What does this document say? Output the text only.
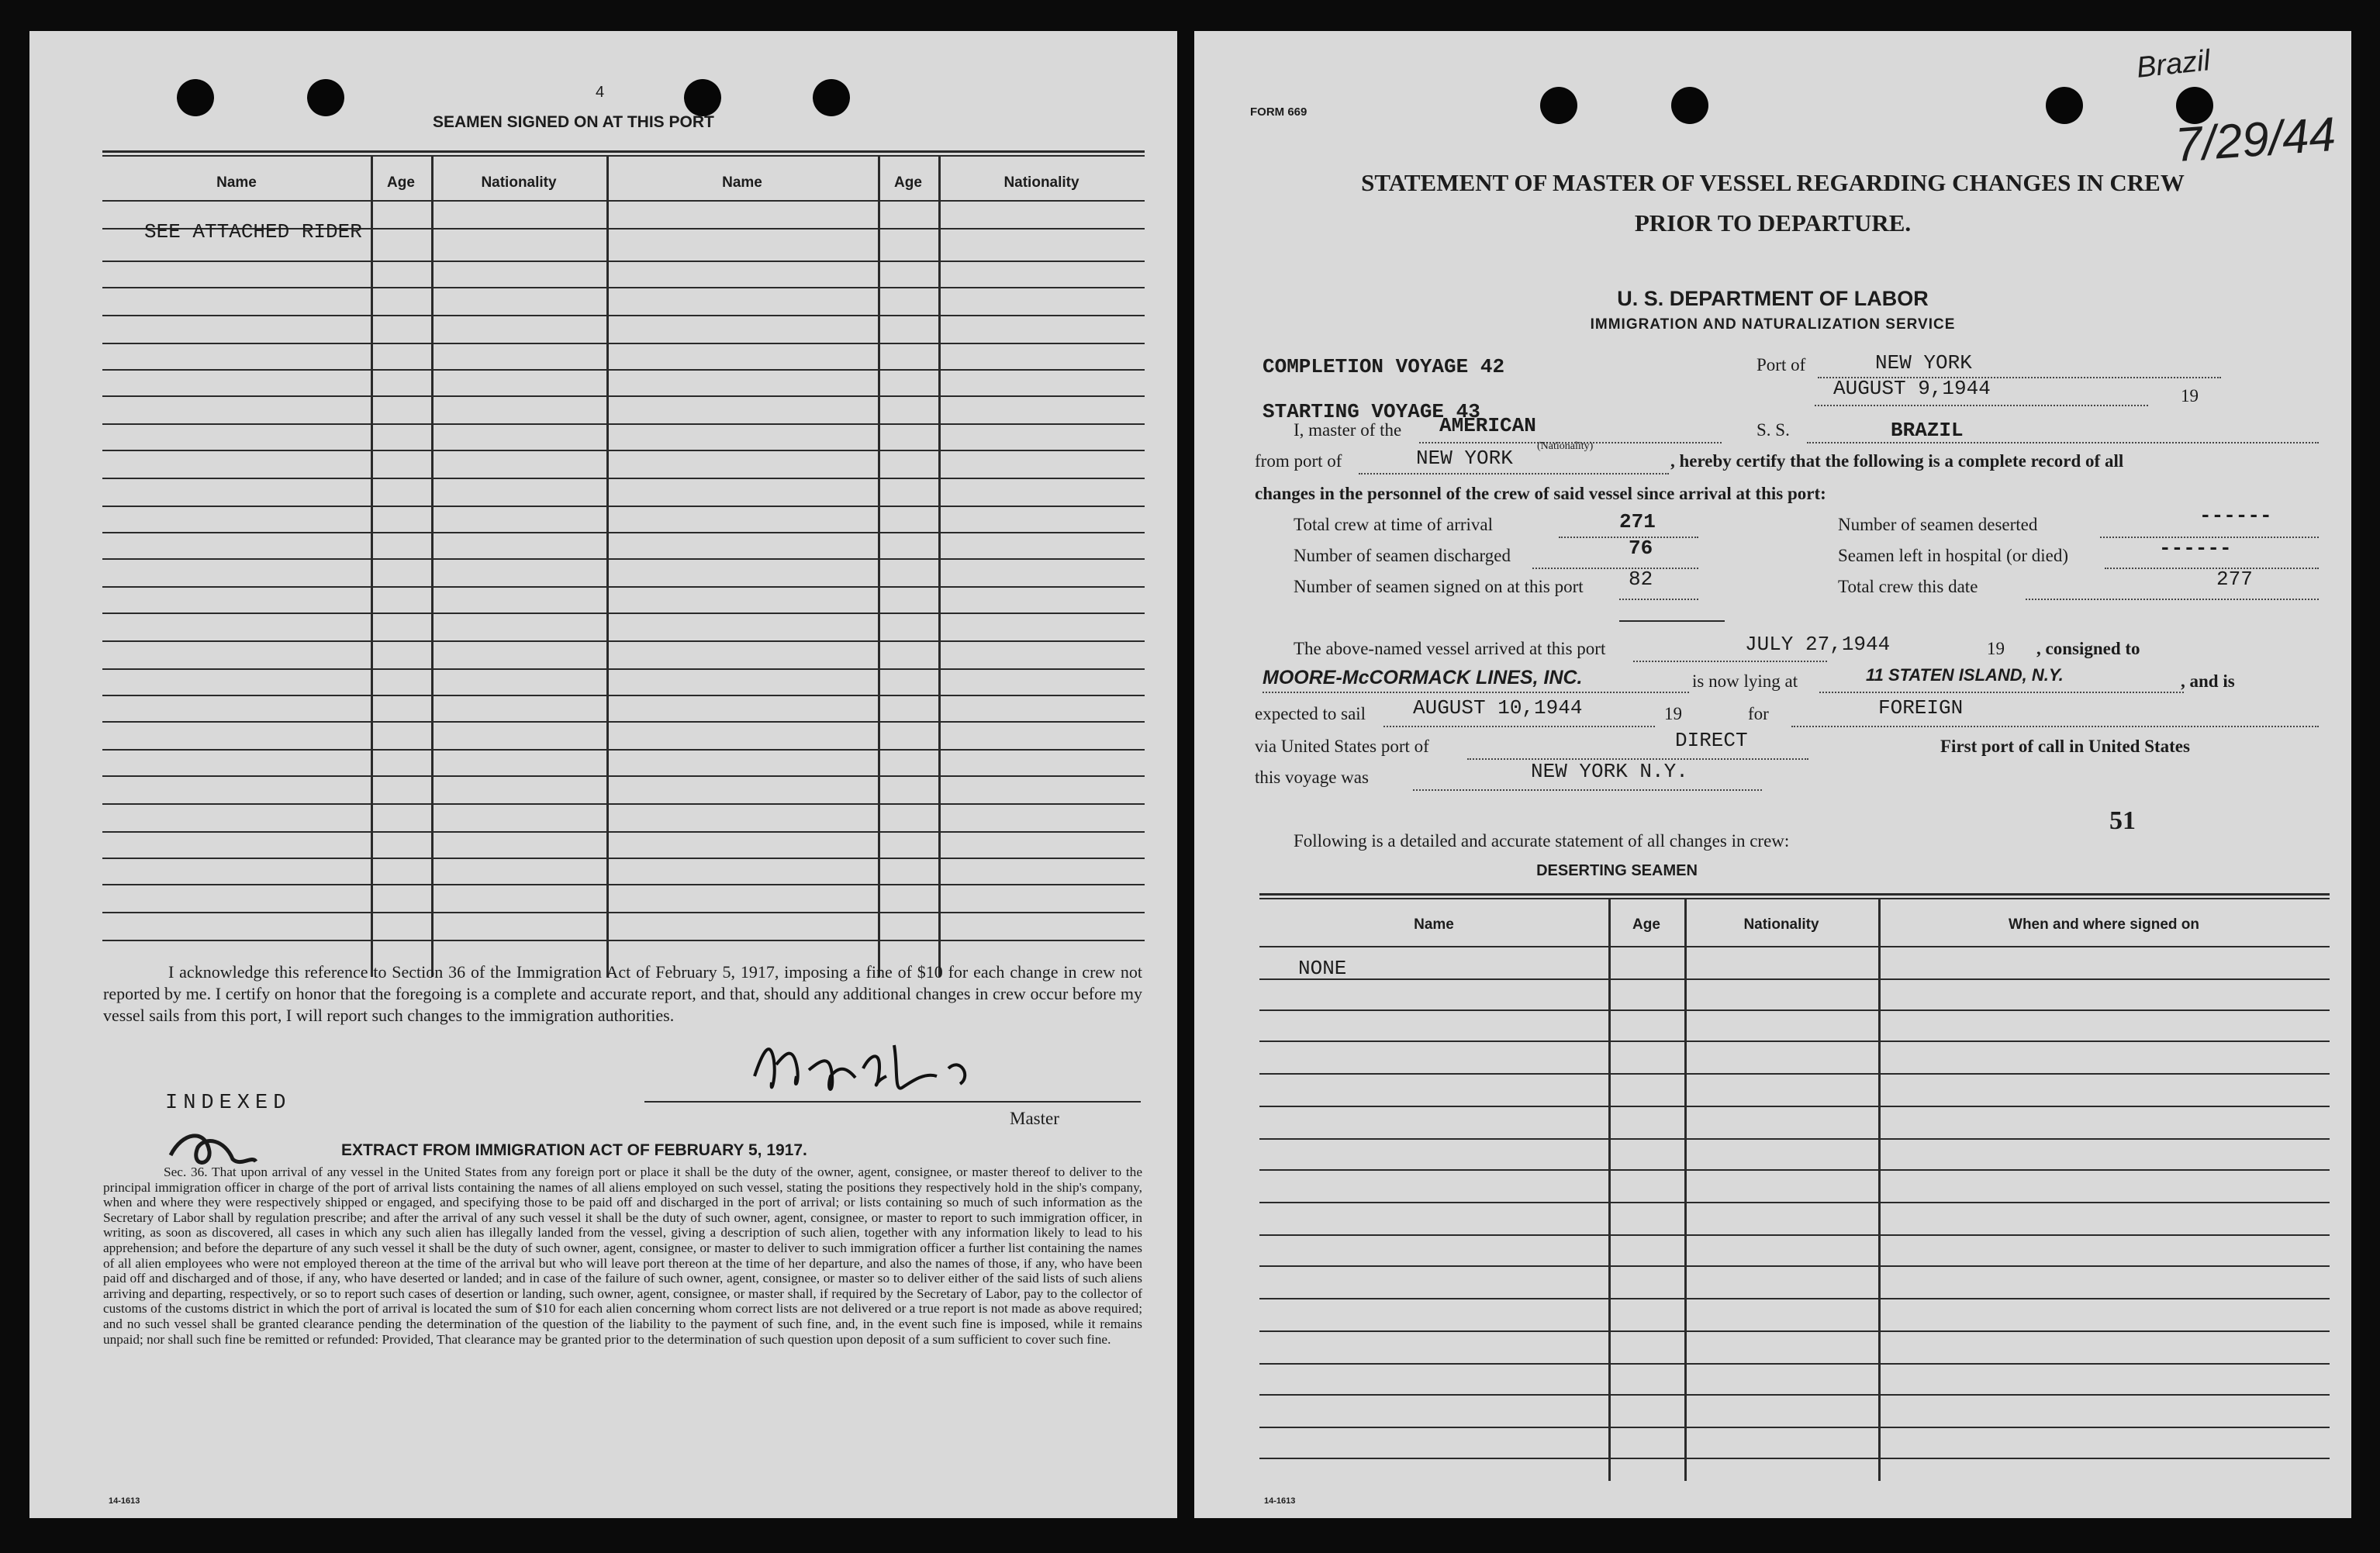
4
SEAMEN SIGNED ON AT THIS PORT
Name	Age	Nationality	Name	Age	Nationality
SEE ATTACHED RIDER
I acknowledge this reference to Section 36 of the Immigration Act of February 5, 1917, imposing a fine of $10 for each change in crew not reported by me. I certify on honor that the foregoing is a complete and accurate report, and that, should any additional changes in crew occur before my vessel sails from this port, I will report such changes to the immigration authorities.
Master
INDEXED
EXTRACT FROM IMMIGRATION ACT OF FEBRUARY 5, 1917.
Sec. 36. That upon arrival of any vessel in the United States from any foreign port or place it shall be the duty of the owner, agent, consignee, or master thereof to deliver to the principal immigration officer in charge of the port of arrival lists containing the names of all aliens employed on such vessel, stating the positions they respectively hold in the ship's company, when and where they were respectively shipped or engaged, and specifying those to be paid off and discharged in the port of arrival; or lists containing so much of such information as the Secretary of Labor shall by regulation prescribe; and after the arrival of any such vessel it shall be the duty of such owner, agent, consignee, or master to report to such immigration officer, in writing, as soon as discovered, all cases in which any such alien has illegally landed from the vessel, giving a description of such alien, together with any information likely to lead to his apprehension; and before the departure of any such vessel it shall be the duty of such owner, agent, consignee, or master to deliver to such immigration officer a further list containing the names of all alien employees who were not employed thereon at the time of the arrival but who will leave port thereon at the time of her departure, and also the names of those, if any, who have been paid off and discharged and of those, if any, who have deserted or landed; and in case of the failure of such owner, agent, consignee, or master so to deliver either of the said lists of such aliens arriving and departing, respectively, or so to report such cases of desertion or landing, such owner, agent, consignee, or master shall, if required by the Secretary of Labor, pay to the collector of customs of the customs district in which the port of arrival is located the sum of $10 for each alien concerning whom correct lists are not delivered or a true report is not made as above required; and no such vessel shall be granted clearance pending the determination of the question of the liability to the payment of such fine, and, in the event such fine is imposed, while it remains unpaid; nor shall such fine be remitted or refunded: Provided, That clearance may be granted prior to the determination of such question upon deposit of a sum sufficient to cover such fine.
14-1613
FORM 669
Brazil
7/29/44
STATEMENT OF MASTER OF VESSEL REGARDING CHANGES IN CREW
PRIOR TO DEPARTURE.
U. S. DEPARTMENT OF LABOR
IMMIGRATION AND NATURALIZATION SERVICE
COMPLETION VOYAGE 42
STARTING VOYAGE 43
Port of	NEW YORK
AUGUST 9,1944	19
I, master of the AMERICAN
(Nationality)
S. S.	BRAZIL
from port of	NEW YORK	, hereby certify that the following is a complete record of all
changes in the personnel of the crew of said vessel since arrival at this port:
Total crew at time of arrival	271
Number of seamen discharged	76
Number of seamen signed on at this port 82
Number of seamen deserted	------
Seamen left in hospital (or died)	------
Total crew this date	277
The above-named vessel arrived at this port	JULY 27,1944	19 , consigned to
MOORE-McCORMACK LINES, INC.	is now lying at	11 STATEN ISLAND, N.Y.	, and is
expected to sail AUGUST 10,1944	19	for	FOREIGN
via United States port of	DIRECT	First port of call in United States
this voyage was	NEW YORK N.Y.
Following is a detailed and accurate statement of all changes in crew:
51
DESERTING SEAMEN
Name	Age	Nationality	When and where signed on
NONE
14-1613
